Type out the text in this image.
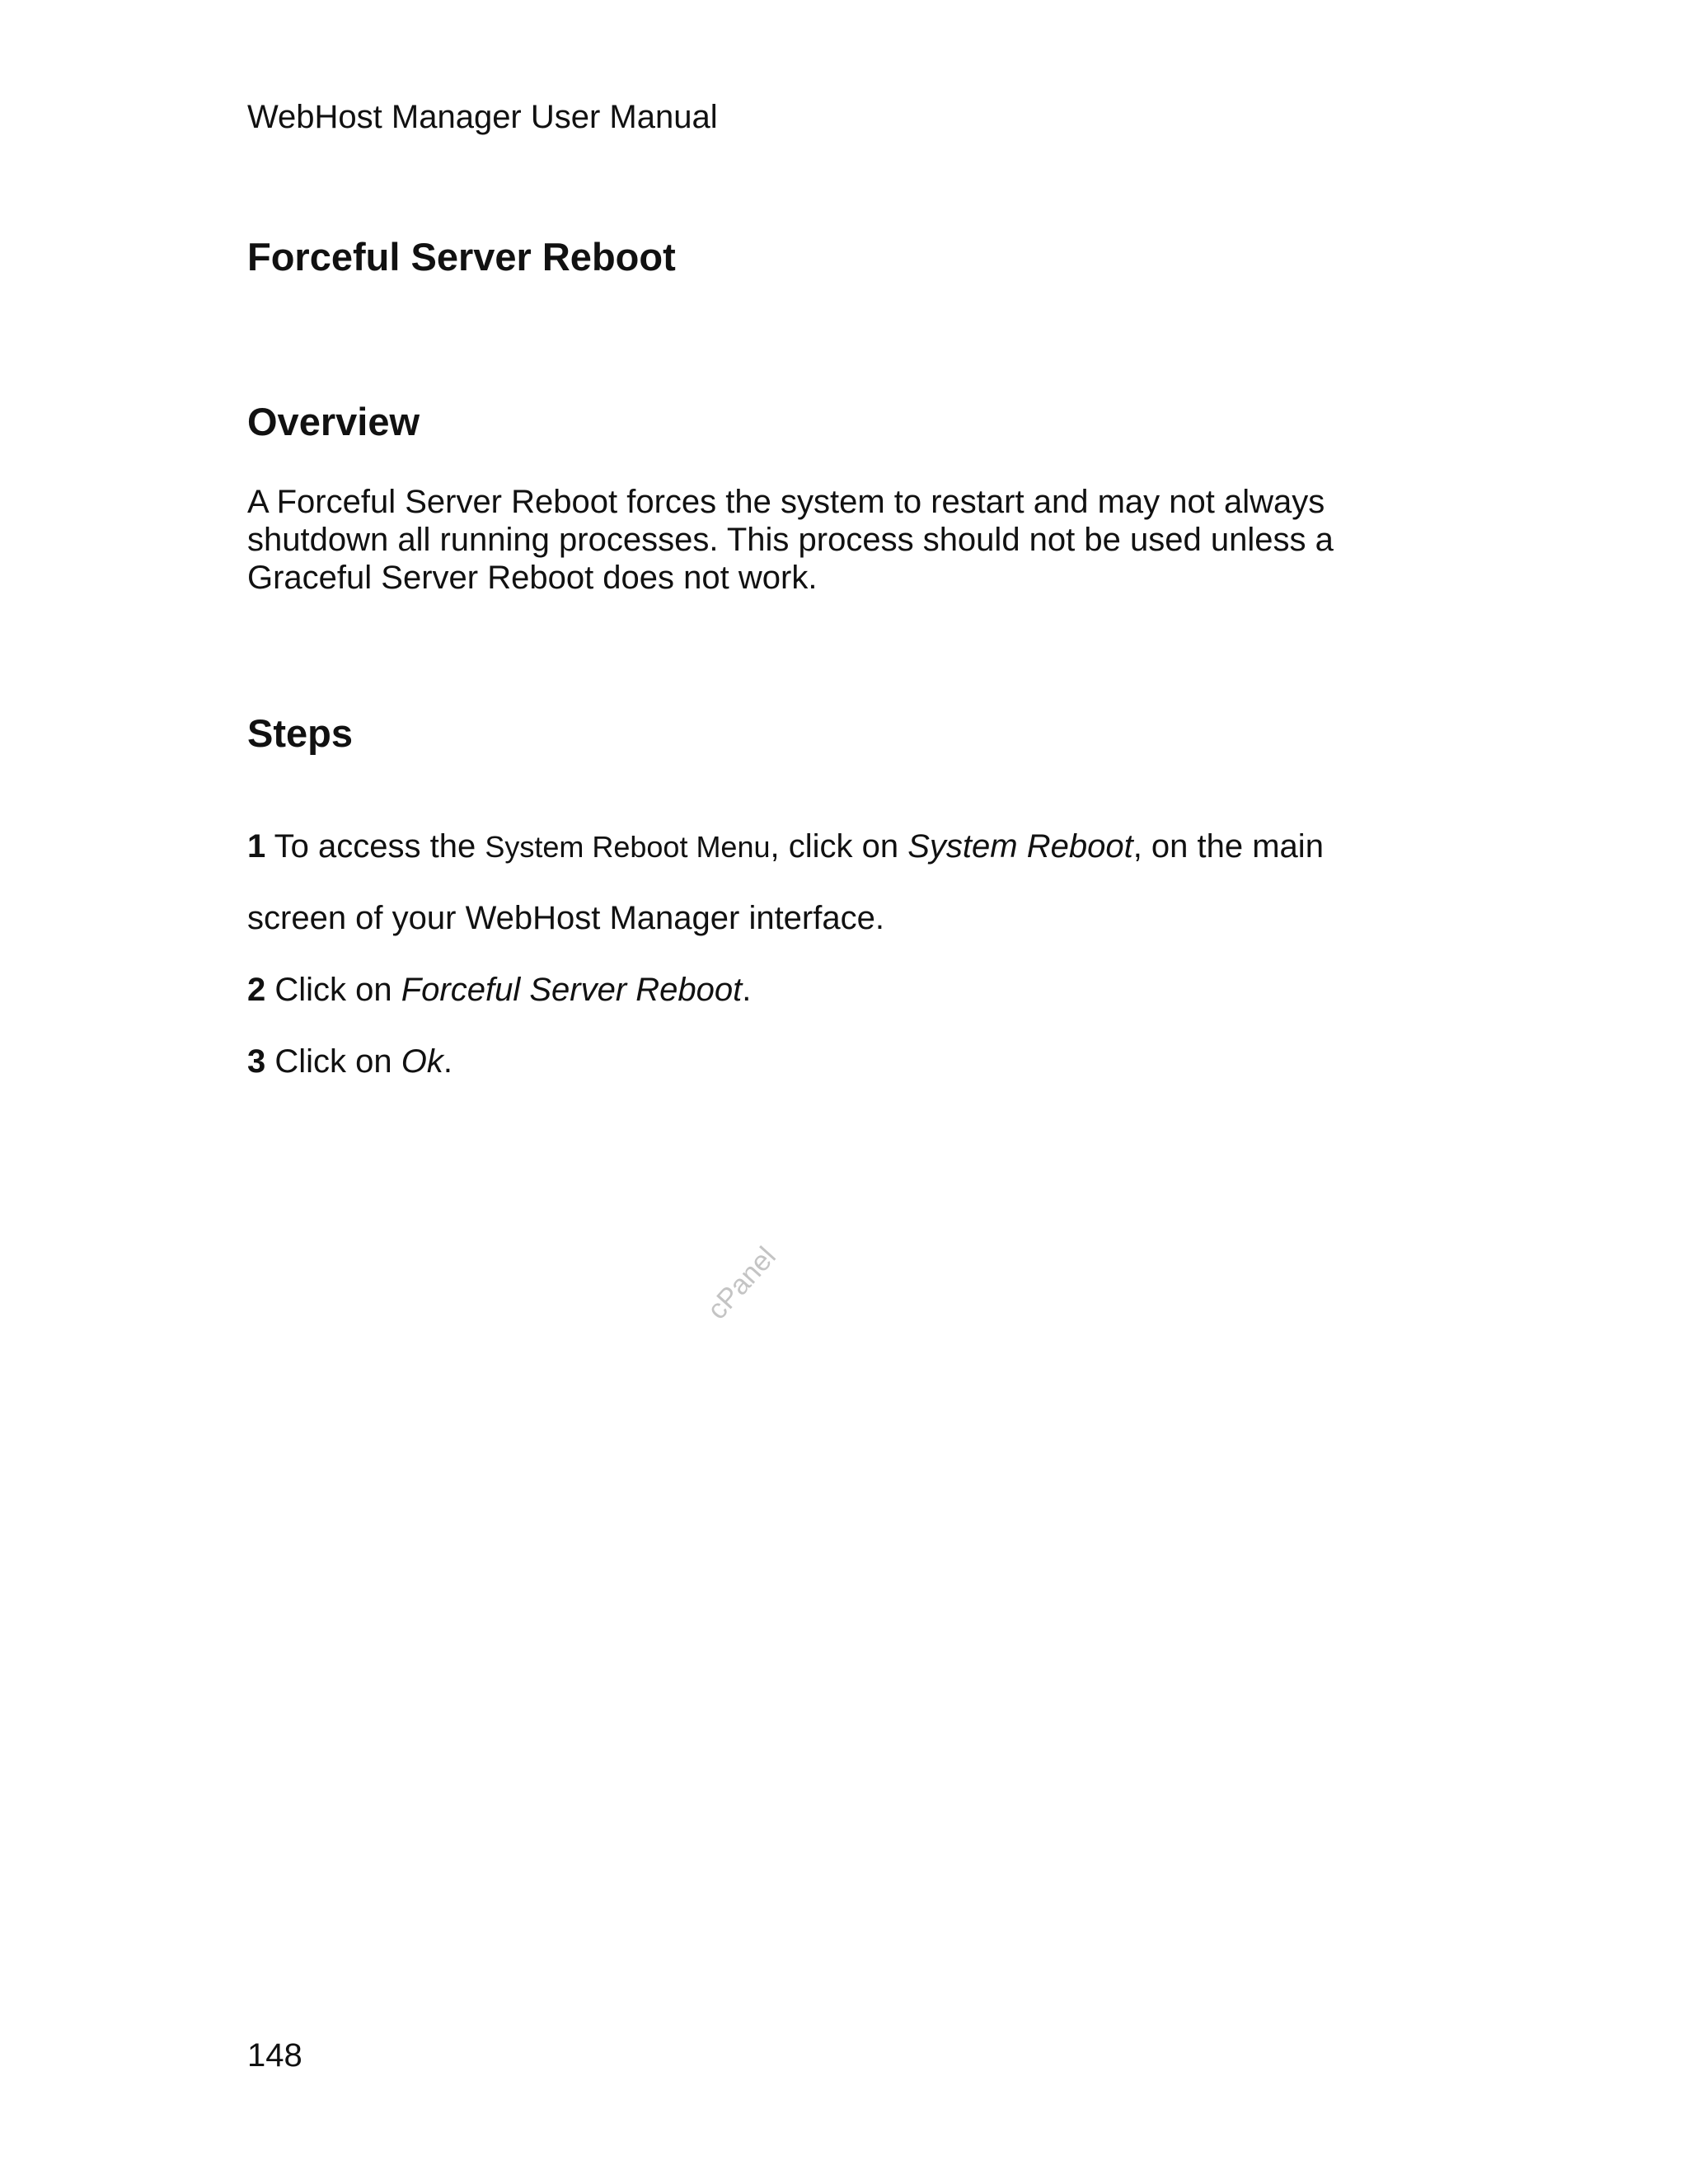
WebHost Manager User Manual
Forceful Server Reboot
Overview

A Forceful Server Reboot forces the system to restart and may not always shutdown all running processes. This process should not be used unless a Graceful Server Reboot does not work.

Steps

1 To access the System Reboot Menu, click on System Reboot, on the main

screen of your WebHost Manager interface.

2 Click on Forceful Server Reboot.

3 Click on Ok.

cPanel
148
